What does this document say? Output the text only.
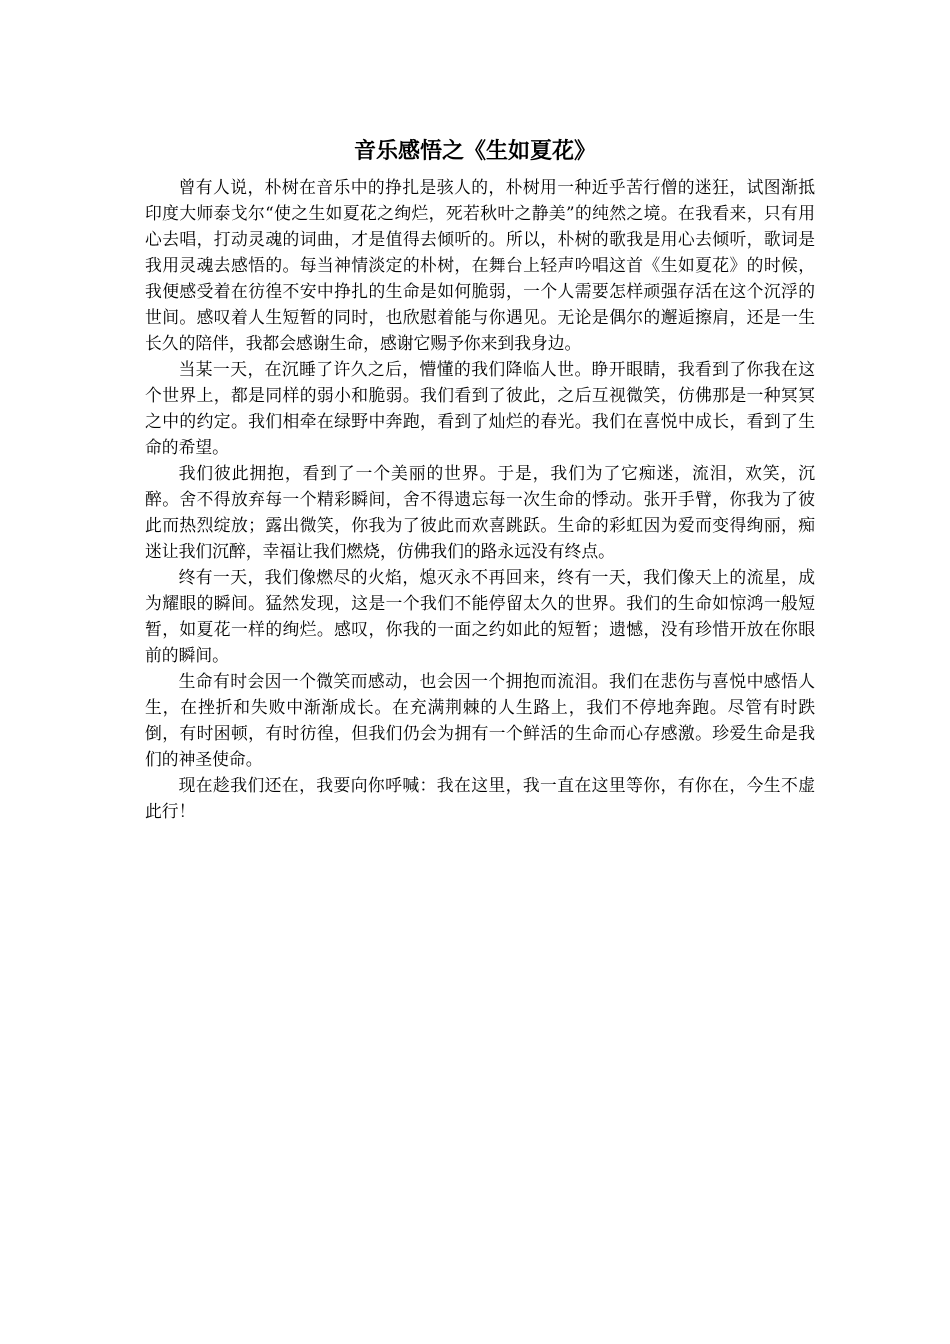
音乐感悟之《生如夏花》

曾有人说，朴树在音乐中的挣扎是骇人的，朴树用一种近乎苦行僧的迷狂，试图渐抵印度大师泰戈尔“使之生如夏花之绚烂，死若秋叶之静美”的纯然之境。在我看来，只有用心去唱，打动灵魂的词曲，才是值得去倾听的。所以，朴树的歌我是用心去倾听，歌词是我用灵魂去感悟的。每当神情淡定的朴树，在舞台上轻声吟唱这首《生如夏花》的时候，我便感受着在彷徨不安中挣扎的生命是如何脆弱，一个人需要怎样顽强存活在这个沉浮的世间。感叹着人生短暂的同时，也欣慰着能与你遇见。无论是偶尔的邂逅擦肩，还是一生长久的陪伴，我都会感谢生命，感谢它赐予你来到我身边。

当某一天，在沉睡了许久之后，懵懂的我们降临人世。睁开眼睛，我看到了你我在这个世界上，都是同样的弱小和脆弱。我们看到了彼此，之后互视微笑，仿佛那是一种冥冥之中的约定。我们相牵在绿野中奔跑，看到了灿烂的春光。我们在喜悦中成长，看到了生命的希望。

我们彼此拥抱，看到了一个美丽的世界。于是，我们为了它痴迷，流泪，欢笑，沉醉。舍不得放弃每一个精彩瞬间，舍不得遗忘每一次生命的悸动。张开手臂，你我为了彼此而热烈绽放；露出微笑，你我为了彼此而欢喜跳跃。生命的彩虹因为爱而变得绚丽，痴迷让我们沉醉，幸福让我们燃烧，仿佛我们的路永远没有终点。

终有一天，我们像燃尽的火焰，熄灭永不再回来，终有一天，我们像天上的流星，成为耀眼的瞬间。猛然发现，这是一个我们不能停留太久的世界。我们的生命如惊鸿一般短暂，如夏花一样的绚烂。感叹，你我的一面之约如此的短暂；遗憾，没有珍惜开放在你眼前的瞬间。

生命有时会因一个微笑而感动，也会因一个拥抱而流泪。我们在悲伤与喜悦中感悟人生，在挫折和失败中渐渐成长。在充满荆棘的人生路上，我们不停地奔跑。尽管有时跌倒，有时困顿，有时彷徨，但我们仍会为拥有一个鲜活的生命而心存感激。珍爱生命是我们的神圣使命。

现在趁我们还在，我要向你呼喊：我在这里，我一直在这里等你，有你在，今生不虚此行！
